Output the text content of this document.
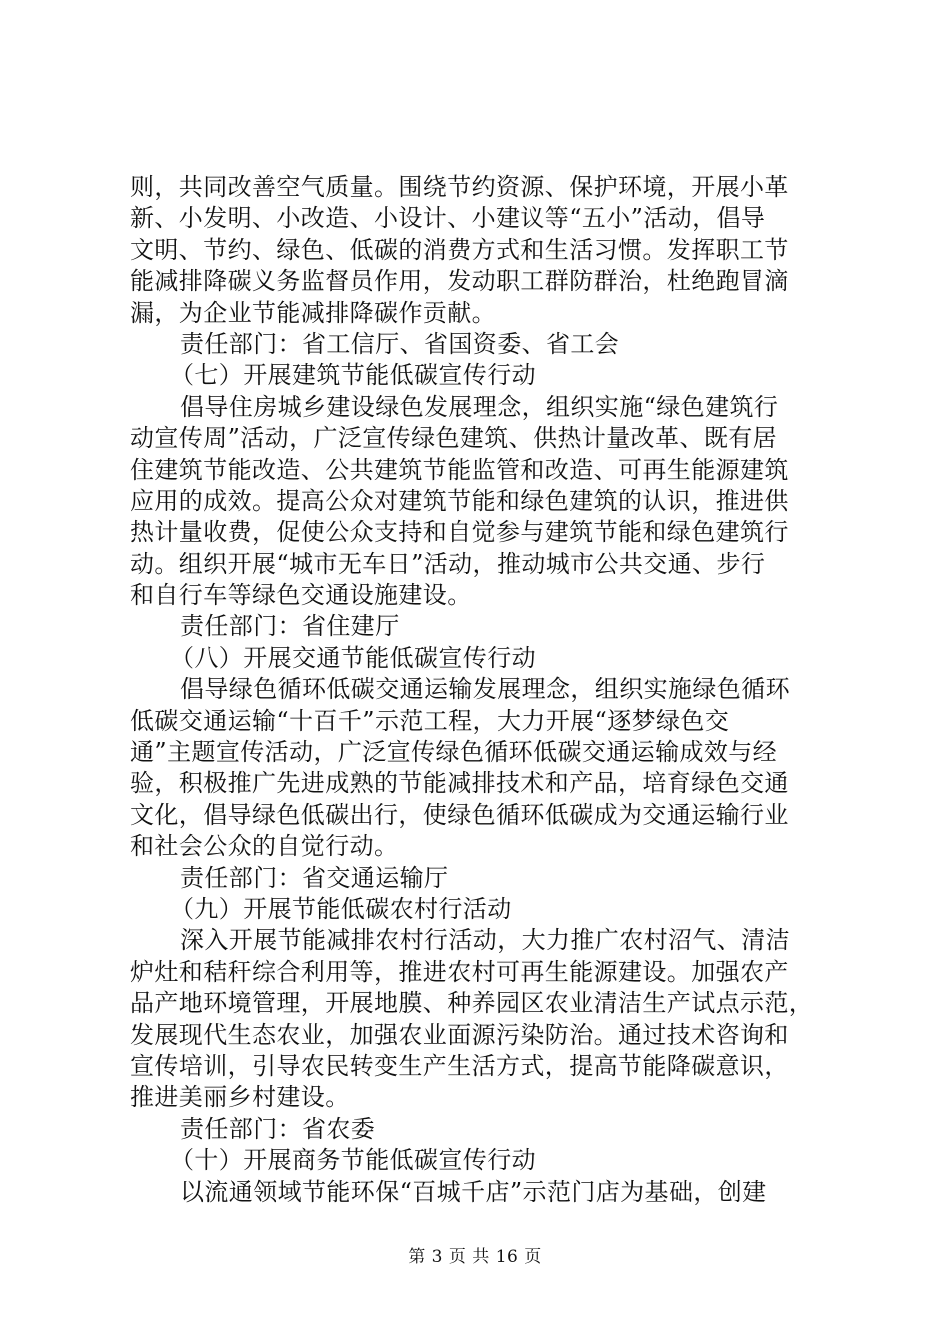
则，共同改善空气质量。围绕节约资源、保护环境，开展小革
新、小发明、小改造、小设计、小建议等“五小”活动，倡导
文明、节约、绿色、低碳的消费方式和生活习惯。发挥职工节
能减排降碳义务监督员作用，发动职工群防群治，杜绝跑冒滴
漏，为企业节能减排降碳作贡献。
责任部门：省工信厅、省国资委、省工会
（七）开展建筑节能低碳宣传行动
倡导住房城乡建设绿色发展理念，组织实施“绿色建筑行
动宣传周”活动，广泛宣传绿色建筑、供热计量改革、既有居
住建筑节能改造、公共建筑节能监管和改造、可再生能源建筑
应用的成效。提高公众对建筑节能和绿色建筑的认识，推进供
热计量收费，促使公众支持和自觉参与建筑节能和绿色建筑行
动。组织开展“城市无车日”活动，推动城市公共交通、步行
和自行车等绿色交通设施建设。
责任部门：省住建厅
（八）开展交通节能低碳宣传行动
倡导绿色循环低碳交通运输发展理念，组织实施绿色循环
低碳交通运输“十百千”示范工程，大力开展“逐梦绿色交
通”主题宣传活动，广泛宣传绿色循环低碳交通运输成效与经
验，积极推广先进成熟的节能减排技术和产品，培育绿色交通
文化，倡导绿色低碳出行，使绿色循环低碳成为交通运输行业
和社会公众的自觉行动。
责任部门：省交通运输厅
（九）开展节能低碳农村行活动
深入开展节能减排农村行活动，大力推广农村沼气、清洁
炉灶和秸秆综合利用等，推进农村可再生能源建设。加强农产
品产地环境管理，开展地膜、种养园区农业清洁生产试点示范，
发展现代生态农业，加强农业面源污染防治。通过技术咨询和
宣传培训，引导农民转变生产生活方式，提高节能降碳意识，
推进美丽乡村建设。
责任部门：省农委
（十）开展商务节能低碳宣传行动
以流通领域节能环保“百城千店”示范门店为基础，创建
第 3 页 共 16 页
